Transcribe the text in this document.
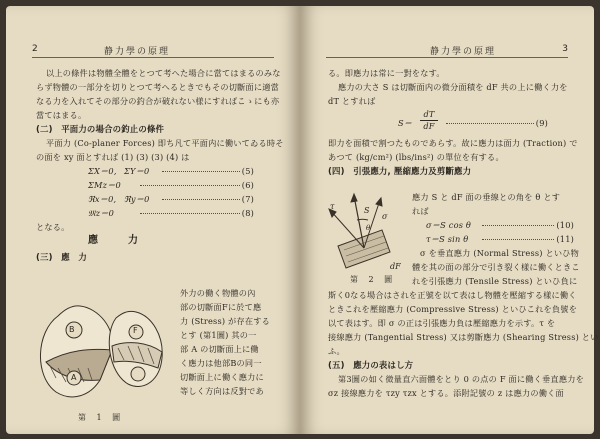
2	静力學の原理
以上の條件は物體全體をとつて考へた場合に當てはまるのみな
らず物體の一部分を切りとつて考へるときでもその切斷面に適當
なる力を入れてその部分の釣合が破れない様にすればこゝにも亦
當てはまる。
(二)　平面力の場合の釣止の條件
平面力 (Co-planer Forces) 即ち凡て平面内に働いてゐる時そ
の面を xy 面とすれば (1) (3) (3) (4) は
ΣX＝0, ΣY＝0	(5)
ΣMz＝0	(6)
ℜx＝0, ℜy＝0	(7)
𝔐z＝0	(8)
となる。
應　力
(三)　應　力
B
A
F
第 1 圖
外力の働く物體の內
部の切斷面Fに於て應
力 (Stress) が存在する
とす (第1圖) 其の一
部 A の切斷面上に働
く應力は他部Bの同一
切斷面上に働く應力に
等しく方向は反對であ
静力學の原理	3
る。即應力は常に一對をなす。
應力の大さ S は切斷面内の微分面積を dF 共の上に働く力を
dT とすれば
S＝
dT
dF	(9)
即力を面積で割つたものであらす。故に應力は面力 (Traction) で
あつて (kg/cm²) (lbs/ins²) の單位を有する。
(四)　引張應力, 壓縮應力及剪斷應力
S
θ
σ
τ
dF
第 2 圖
應力 S と dF 面の垂線との角を θ とす
れば
σ＝S cos θ	(10)
τ＝S sin θ	(11)
σ を垂直應力 (Normal Stress) といひ物
體を其の面の部分で引き裂く樣に働くときこ
れを引張應力 (Tensile Stress) といひ負に
斯く0なる場合はされを正號を以て表はし物體を壓縮する樣に働く
ときこれを壓縮應力 (Compressive Stress) といひこれを負號を
以て表はす。即 σ の正は引張應力負は壓縮應力を示す。τ を
接線應力 (Tangential Stress) 又は剪斷應力 (Shearing Stress) とい
ふ。
(五)　應力の表はし方
第3圖の如く微量直六面體をとり 0 の点の F 面に働く垂直應力を
σz 接線應力を τzy τzx とする。添附記號の z は應力の働く面
